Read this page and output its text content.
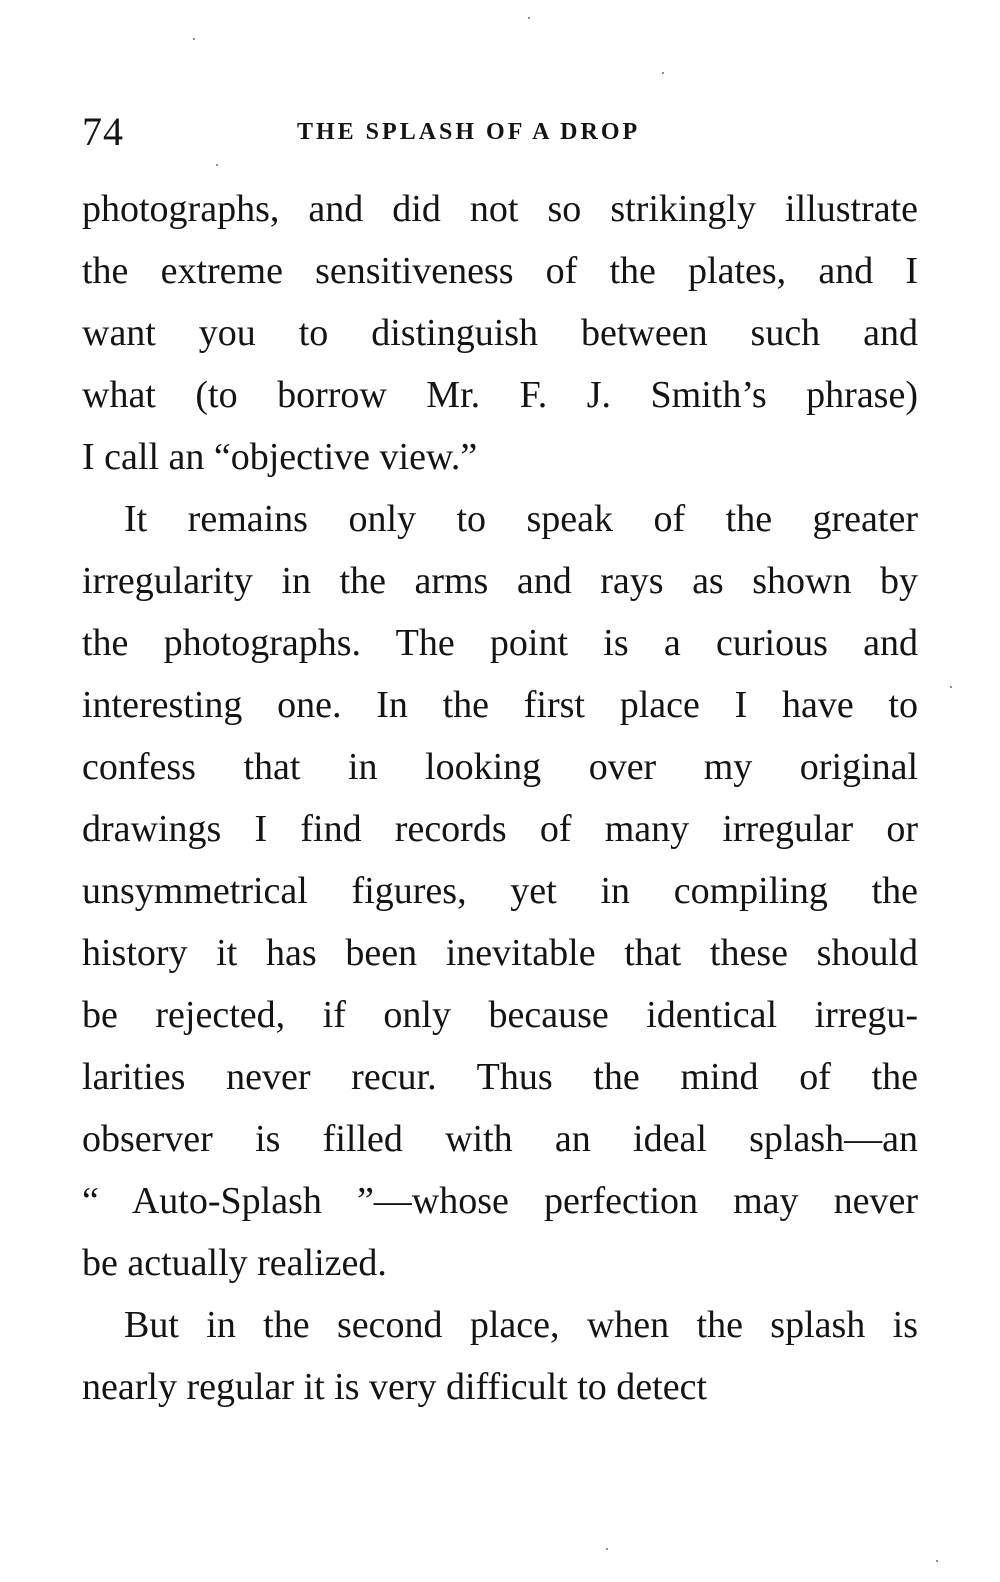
74	THE SPLASH OF A DROP
photographs, and did not so strikingly illustrate
the extreme sensitiveness of the plates, and I
want you to distinguish between such and
what (to borrow Mr. F. J. Smith’s phrase)
I call an “objective view.”
It remains only to speak of the greater
irregularity in the arms and rays as shown by
the photographs. The point is a curious and
interesting one. In the first place I have to
confess that in looking over my original
drawings I find records of many irregular or
unsymmetrical figures, yet in compiling the
history it has been inevitable that these should
be rejected, if only because identical irregu-
larities never recur. Thus the mind of the
observer is filled with an ideal splash—an
“ Auto-Splash ”—whose perfection may never
be actually realized.
But in the second place, when the splash is
nearly regular it is very difficult to detect
